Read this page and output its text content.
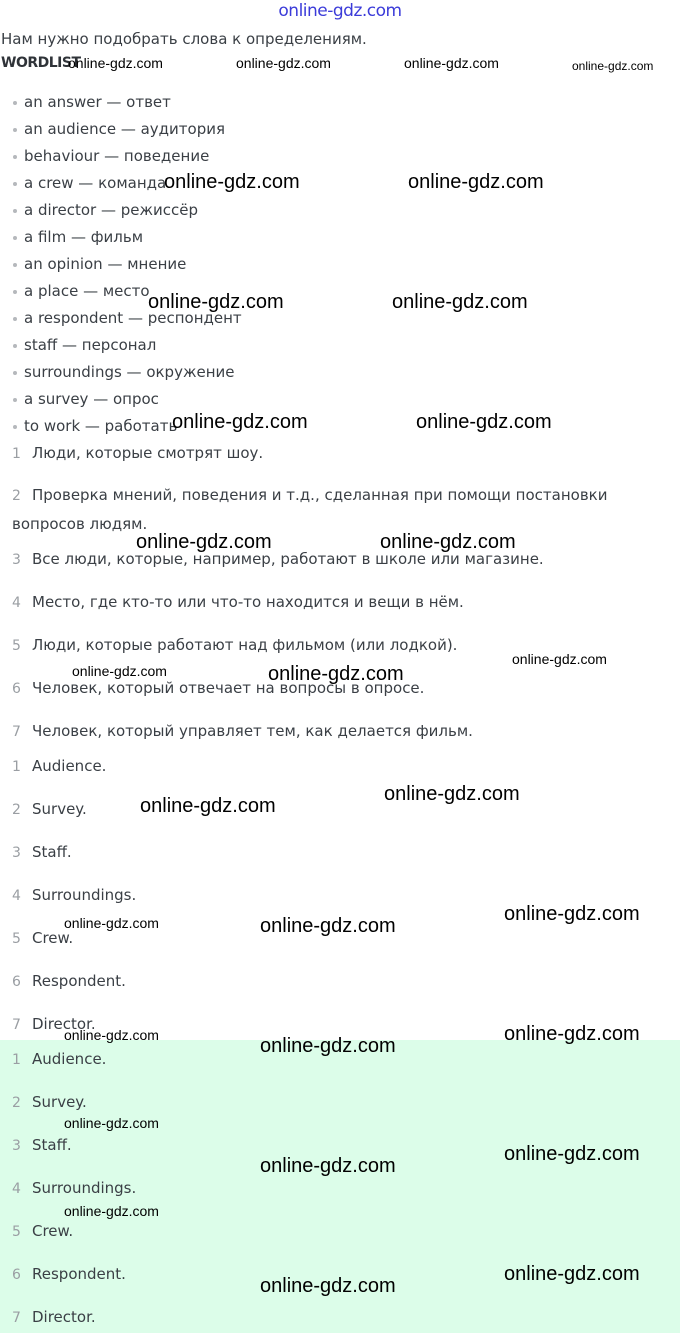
online-gdz.com
Нам нужно подобрать слова к определениям.
WORDLIST
an answer — ответ
an audience — аудитория
behaviour — поведение
a crew — команда
a director — режиссёр
a film — фильм
an opinion — мнение
a place — место
a respondent — респондент
staff — персонал
surroundings — окружение
a survey — опрос
to work — работать
1 Люди, которые смотрят шоу.
2 Проверка мнений, поведения и т.д., сделанная при помощи постановки вопросов людям.
3 Все люди, которые, например, работают в школе или магазине.
4 Место, где кто-то или что-то находится и вещи в нём.
5 Люди, которые работают над фильмом (или лодкой).
6 Человек, который отвечает на вопросы в опросе.
7 Человек, который управляет тем, как делается фильм.
1 Audience.
2 Survey.
3 Staff.
4 Surroundings.
5 Crew.
6 Respondent.
7 Director.
1 Audience.
2 Survey.
3 Staff.
4 Surroundings.
5 Crew.
6 Respondent.
7 Director.
online-gdz.com	online-gdz.com	online-gdz.com	online-gdz.com
online-gdz.com	online-gdz.com
online-gdz.com	online-gdz.com
online-gdz.com	online-gdz.com
online-gdz.com	online-gdz.com
online-gdz.com	online-gdz.com
online-gdz.com
online-gdz.com
online-gdz.com
online-gdz.com	online-gdz.com
online-gdz.com
online-gdz.com	online-gdz.com
online-gdz.com
online-gdz.com
online-gdz.com
online-gdz.com
online-gdz.com
online-gdz.com
online-gdz.com
